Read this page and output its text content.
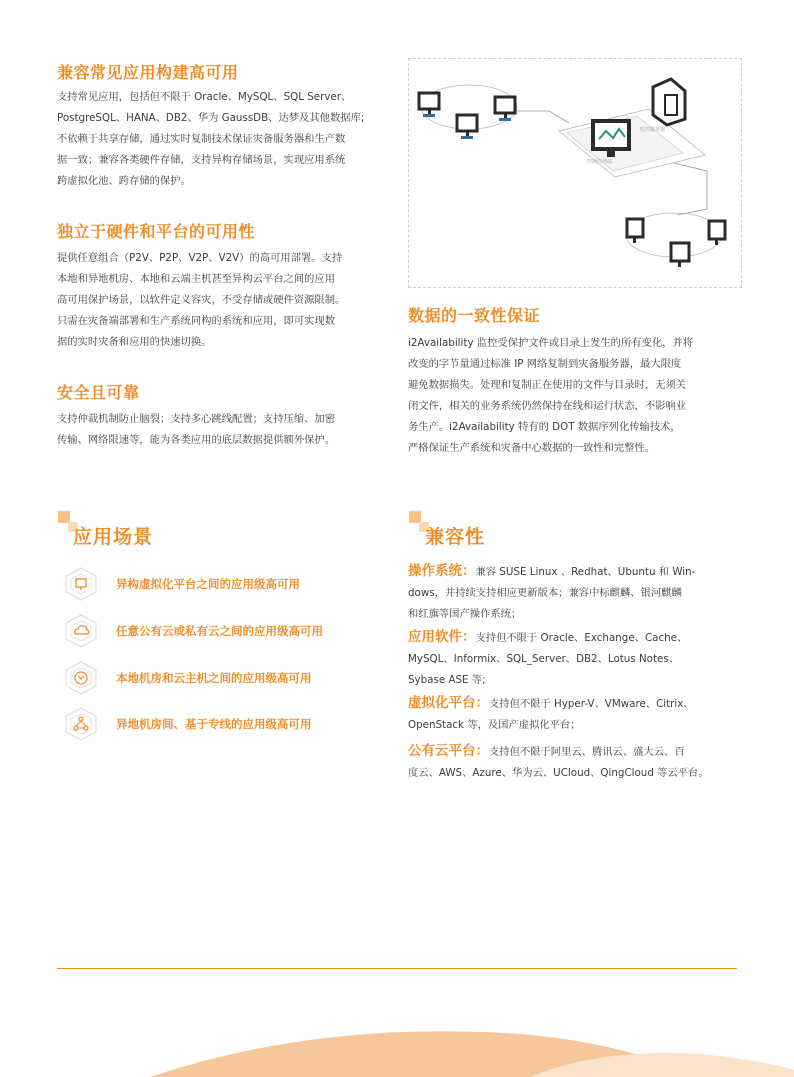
兼容常见应用构建高可用

支持常见应用，包括但不限于 Oracle、MySQL、SQL Server、

PostgreSQL、HANA、DB2、华为 GaussDB、达梦及其他数据库;

不依赖于共享存储，通过实时复制技术保证灾备服务器和生产数

据一致；兼容各类硬件存储，支持异构存储场景，实现应用系统

跨虚拟化池、跨存储的保护。

独立于硬件和平台的可用性

提供任意组合（P2V、P2P、V2P、V2V）的高可用部署。支持

本地和异地机房、本地和云端主机甚至异构云平台之间的应用

高可用保护场景，以软件定义容灾，不受存储或硬件资源限制。

只需在灾备端部署和生产系统同构的系统和应用，即可实现数

据的实时灾备和应用的快速切换。

安全且可靠

支持仲裁机制防止脑裂；支持多心跳线配置；支持压缩、加密

传输、网络限速等，能为各类应用的底层数据提供额外保护。

控制管理端
监控服务器
数据的一致性保证

i2Availability 监控受保护文件或目录上发生的所有变化，并将

改变的字节量通过标准 IP 网络复制到灾备服务器，最大限度

避免数据损失。处理和复制正在使用的文件与目录时，无须关

闭文件，相关的业务系统仍然保持在线和运行状态，不影响业

务生产。i2Availability 特有的 DOT 数据序列化传输技术，

严格保证生产系统和灾备中心数据的一致性和完整性。

应用场景
异构虚拟化平台之间的应用级高可用
任意公有云或私有云之间的应用级高可用
本地机房和云主机之间的应用级高可用
异地机房间、基于专线的应用级高可用
兼容性
操作系统：兼容 SUSE Linux 、Redhat、Ubuntu 和 Win-
dows，并持续支持相应更新版本；兼容中标麒麟、银河麒麟
和红旗等国产操作系统；
应用软件：支持但不限于 Oracle、Exchange、Cache、
MySQL、Informix、SQL_Server、DB2、Lotus Notes、
Sybase ASE 等;
虚拟化平台：支持但不限于 Hyper-V、VMware、Citrix、
OpenStack 等，及国产虚拟化平台；
公有云平台：支持但不限于阿里云、腾讯云、盛大云、百
度云、AWS、Azure、华为云、UCloud、QingCloud 等云平台。
